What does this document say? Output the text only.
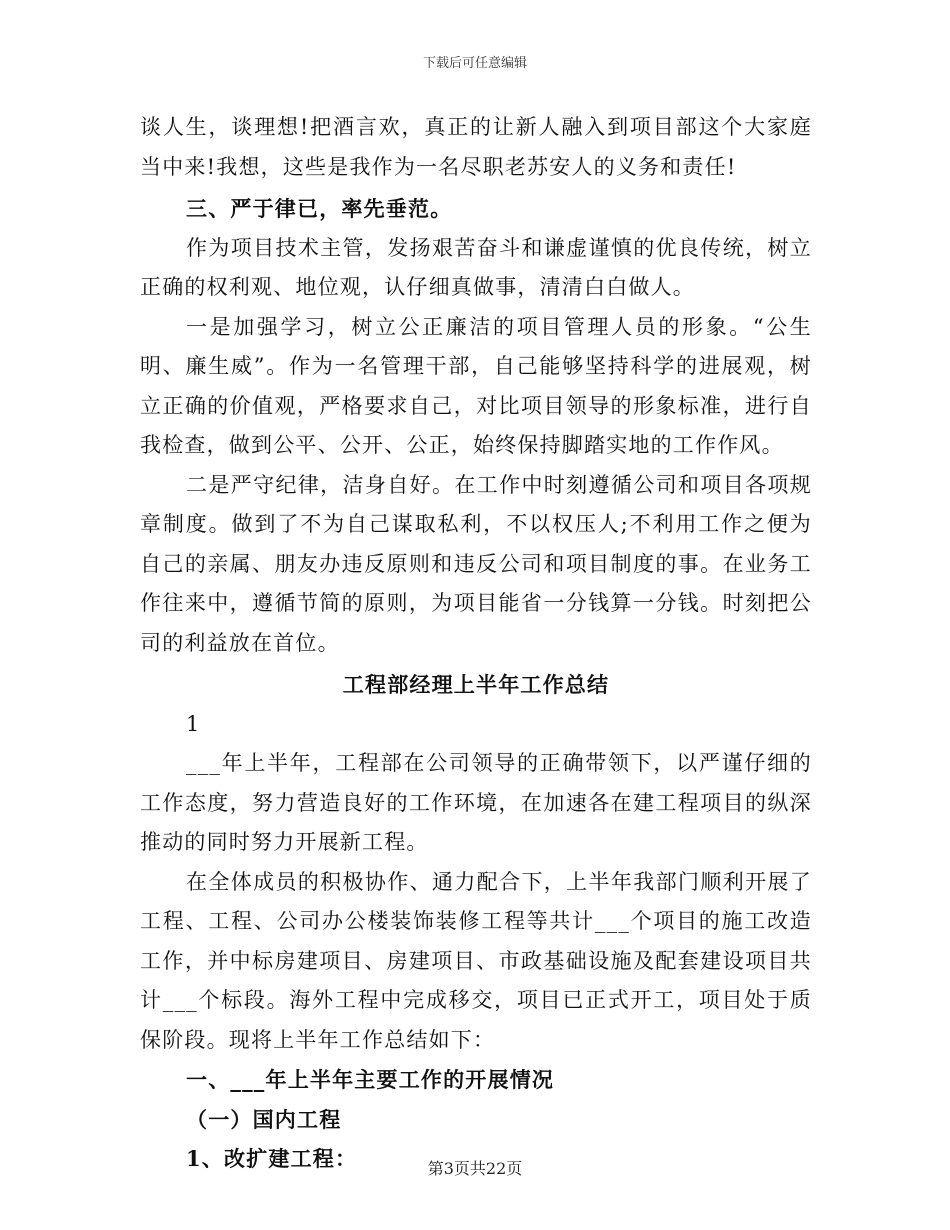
下载后可任意编辑

谈人生，谈理想!把酒言欢，真正的让新人融入到项目部这个大家庭当中来!我想，这些是我作为一名尽职老苏安人的义务和责任!

三、严于律已，率先垂范。

作为项目技术主管，发扬艰苦奋斗和谦虚谨慎的优良传统，树立正确的权利观、地位观，认仔细真做事，清清白白做人。

一是加强学习，树立公正廉洁的项目管理人员的形象。“公生明、廉生威”。作为一名管理干部，自己能够坚持科学的进展观，树立正确的价值观，严格要求自己，对比项目领导的形象标准，进行自我检查，做到公平、公开、公正，始终保持脚踏实地的工作作风。

二是严守纪律，洁身自好。在工作中时刻遵循公司和项目各项规章制度。做到了不为自己谋取私利，不以权压人;不利用工作之便为自己的亲属、朋友办违反原则和违反公司和项目制度的事。在业务工作往来中，遵循节简的原则，为项目能省一分钱算一分钱。时刻把公司的利益放在首位。

工程部经理上半年工作总结

1

___年上半年，工程部在公司领导的正确带领下，以严谨仔细的工作态度，努力营造良好的工作环境，在加速各在建工程项目的纵深推动的同时努力开展新工程。

在全体成员的积极协作、通力配合下，上半年我部门顺利开展了工程、工程、公司办公楼装饰装修工程等共计___个项目的施工改造工作，并中标房建项目、房建项目、市政基础设施及配套建设项目共计___个标段。海外工程中完成移交，项目已正式开工，项目处于质保阶段。现将上半年工作总结如下：

一、___年上半年主要工作的开展情况

（一）国内工程

1、改扩建工程：	第3页共22页
